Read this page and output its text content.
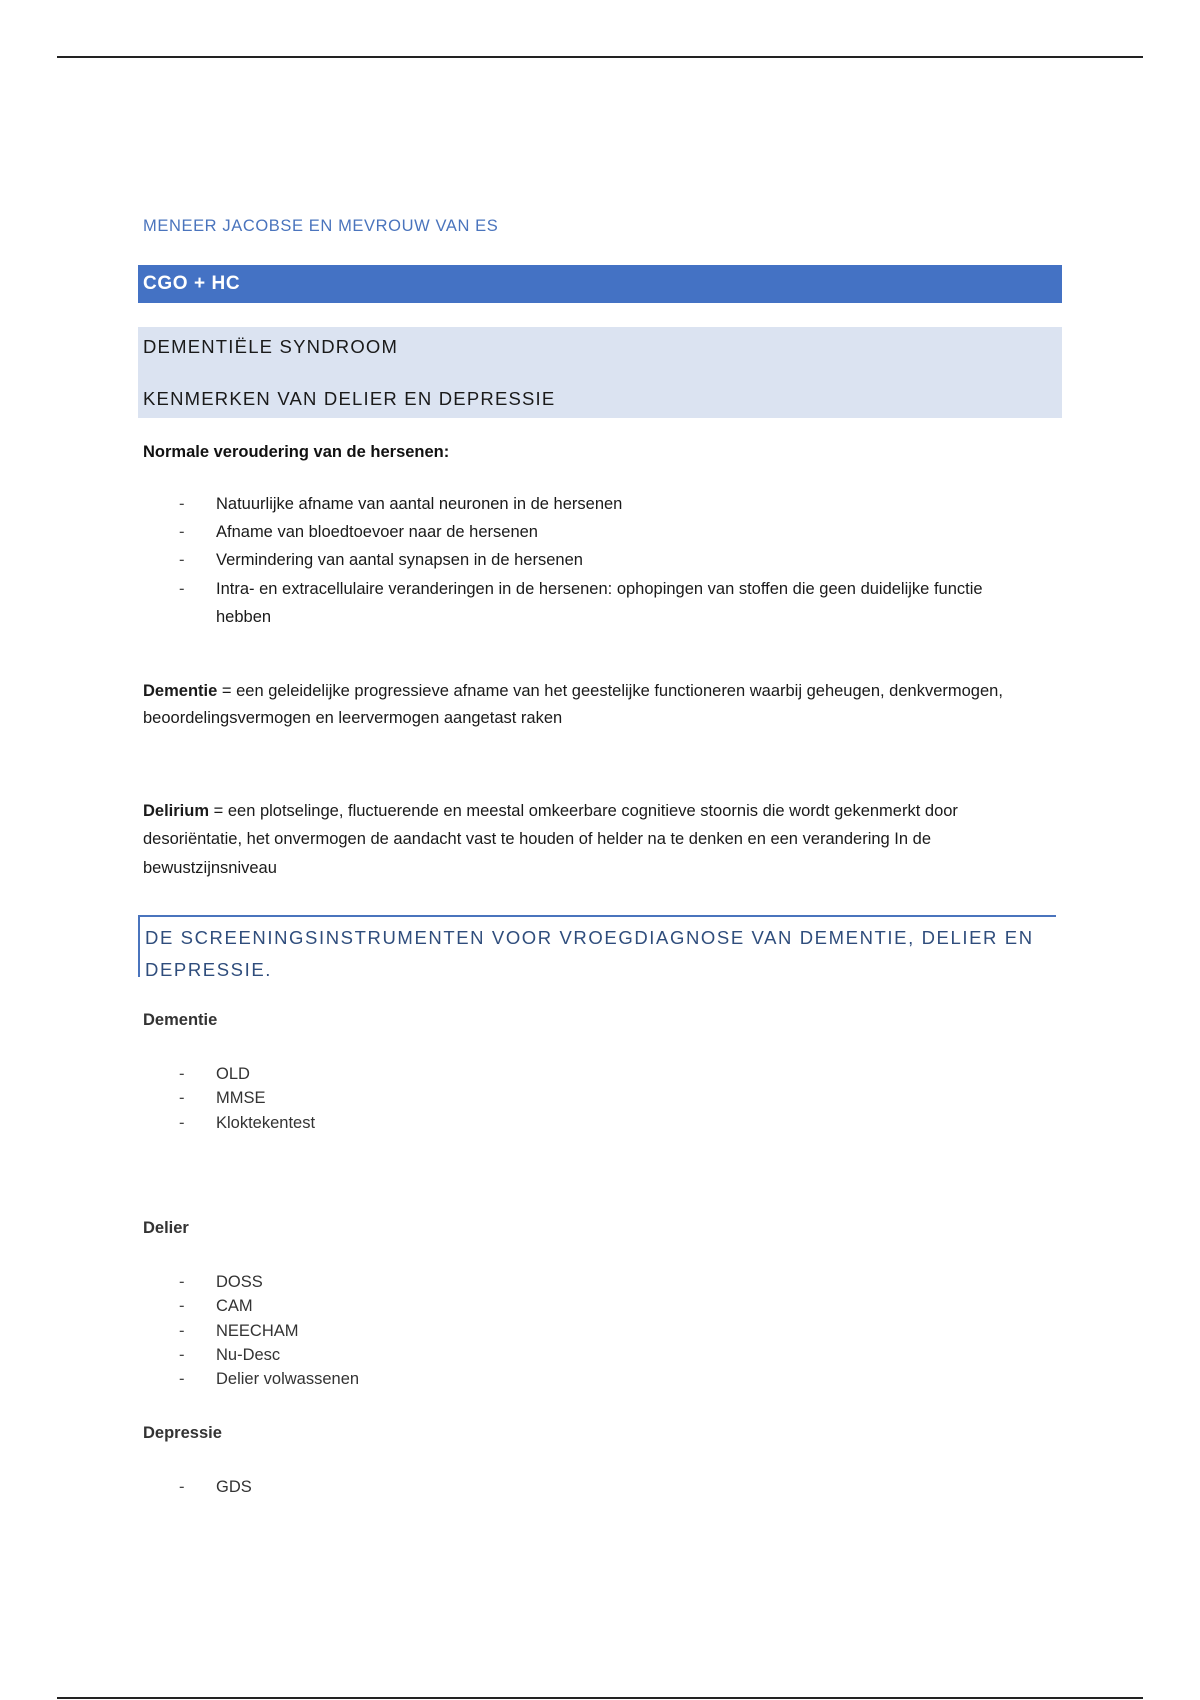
MENEER JACOBSE EN MEVROUW VAN ES
CGO + HC
DEMENTIËLE SYNDROOM
KENMERKEN VAN DELIER EN DEPRESSIE
Normale veroudering van de hersenen:
- Natuurlijke afname van aantal neuronen in de hersenen
- Afname van bloedtoevoer naar de hersenen
- Vermindering van aantal synapsen in de hersenen
- Intra- en extracellulaire veranderingen in de hersenen: ophopingen van stoffen die geen duidelijke functie hebben
Dementie = een geleidelijke progressieve afname van het geestelijke functioneren waarbij geheugen, denkvermogen, beoordelingsvermogen en leervermogen aangetast raken
Delirium = een plotselinge, fluctuerende en meestal omkeerbare cognitieve stoornis die wordt gekenmerkt door desoriëntatie, het onvermogen de aandacht vast te houden of helder na te denken en een verandering In de bewustzijnsniveau
DE SCREENINGSINSTRUMENTEN VOOR VROEGDIAGNOSE VAN DEMENTIE, DELIER EN DEPRESSIE.
Dementie
- OLD
- MMSE
- Kloktekentest
Delier
- DOSS
- CAM
- NEECHAM
- Nu-Desc
- Delier volwassenen
Depressie
- GDS
